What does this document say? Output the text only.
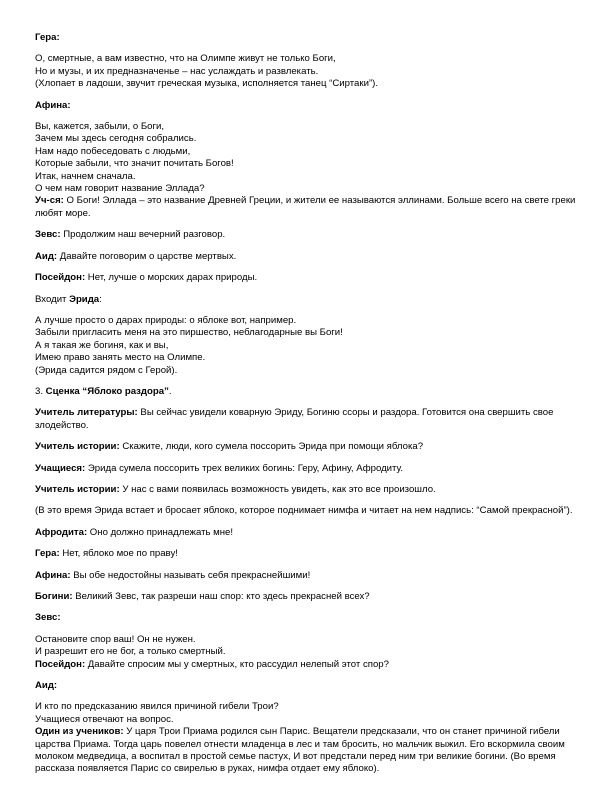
Гера:
О, смертные, а вам известно, что на Олимпе живут не только Боги,
Но и музы, и их предназначенье – нас услаждать и развлекать.
(Хлопает в ладоши, звучит греческая музыка, исполняется танец “Сиртаки”).
Афина:
Вы, кажется, забыли, о Боги,
Зачем мы здесь сегодня собрались.
Нам надо побеседовать с людьми,
Которые забыли, что значит почитать Богов!
Итак, начнем сначала.
О чем нам говорит название Эллада?
Уч-ся: О Боги! Эллада – это название Древней Греции, и жители ее называются эллинами. Больше всего на свете греки любят море.
Зевс: Продолжим наш вечерний разговор.
Аид: Давайте поговорим о царстве мертвых.
Посейдон: Нет, лучше о морских дарах природы.
Входит Эрида:
А лучше просто о дарах природы: о яблоке вот, например.
Забыли пригласить меня на это пиршество, неблагодарные вы Боги!
А я такая же богиня, как и вы,
Имею право занять место на Олимпе.
(Эрида садится рядом с Герой).
3. Сценка “Яблоко раздора”.
Учитель литературы: Вы сейчас увидели коварную Эриду, Богиню ссоры и раздора. Готовится она свершить свое злодейство.
Учитель истории: Скажите, люди, кого сумела поссорить Эрида при помощи яблока?
Учащиеся: Эрида сумела поссорить трех великих богинь: Геру, Афину, Афродиту.
Учитель истории: У нас с вами появилась возможность увидеть, как это все произошло.
(В это время Эрида встает и бросает яблоко, которое поднимает нимфа и читает на нем надпись: “Самой прекрасной”).
Афродита: Оно должно принадлежать мне!
Гера: Нет, яблоко мое по праву!
Афина: Вы обе недостойны называть себя прекраснейшими!
Богини: Великий Зевс, так разреши наш спор: кто здесь прекрасней всех?
Зевс:
Остановите спор ваш! Он не нужен.
И разрешит его не бог, а только смертный.
Посейдон: Давайте спросим мы у смертных, кто рассудил нелепый этот спор?
Аид:
И кто по предсказанию явился причиной гибели Трои?
Учащиеся отвечают на вопрос.
Один из учеников: У царя Трои Приама родился сын Парис. Вещатели предсказали, что он станет причиной гибели царства Приама. Тогда царь повелел отнести младенца в лес и там бросить, но мальчик выжил. Его вскормила своим молоком медведица, а воспитал в простой семье пастух, И вот предстали перед ним три великие богини. (Во время рассказа появляется Парис со свирелью в руках, нимфа отдает ему яблоко).
